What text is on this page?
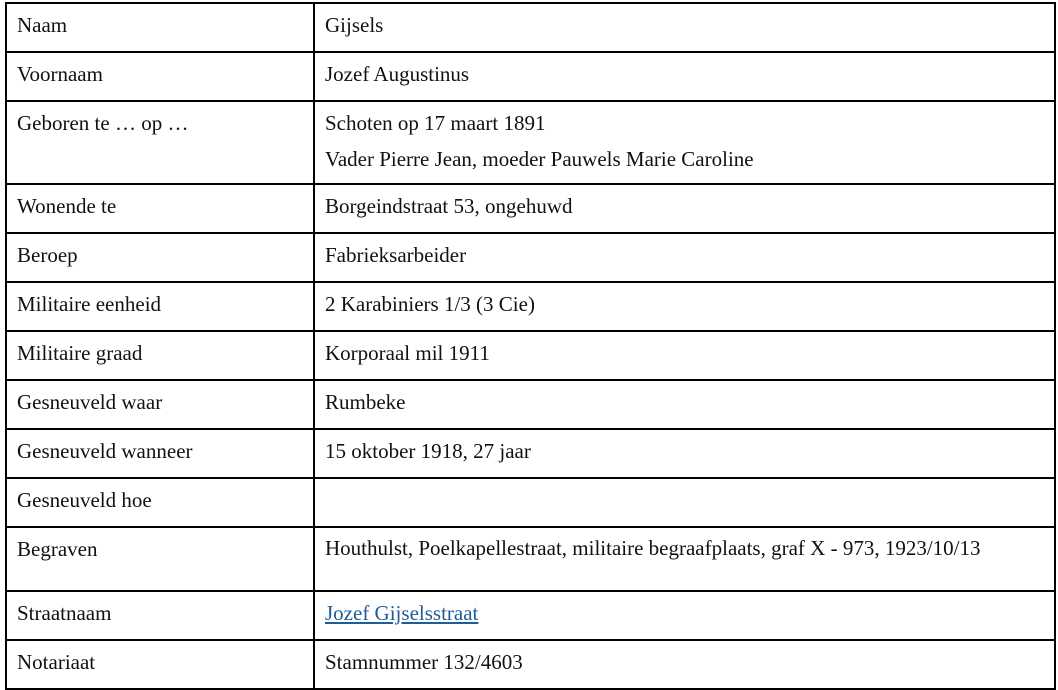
Naam	Gijsels

Voornaam	Jozef Augustinus

Geboren te … op …	Schoten op 17 maart 1891
Vader Pierre Jean, moeder Pauwels Marie Caroline

Wonende te	Borgeindstraat 53, ongehuwd

Beroep	Fabrieksarbeider

Militaire eenheid	2 Karabiniers 1/3 (3 Cie)

Militaire graad	Korporaal mil 1911

Gesneuveld waar	Rumbeke

Gesneuveld wanneer	15 oktober 1918, 27 jaar

Gesneuveld hoe	

Begraven	Houthulst, Poelkapellestraat, militaire begraafplaats, graf X - 973, 1923/10/13

Straatnaam	Jozef Gijselsstraat
Notariaat	Stamnummer 132/4603
